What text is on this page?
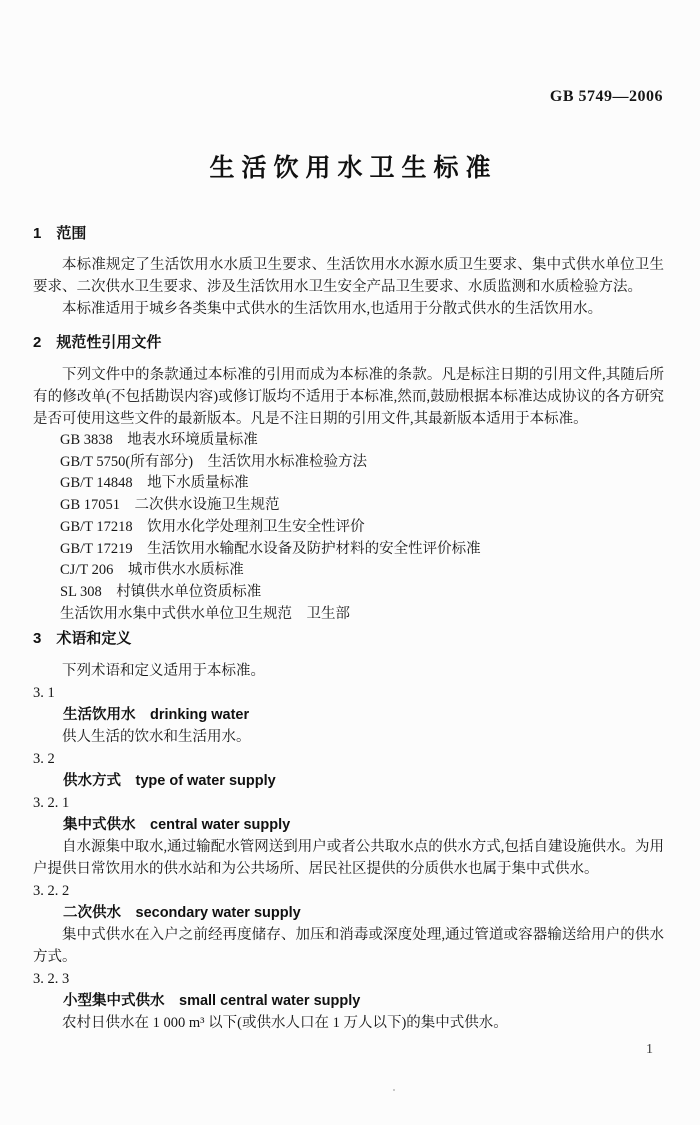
GB 5749—2006
生活饮用水卫生标准
1　范围

本标准规定了生活饮用水水质卫生要求、生活饮用水水源水质卫生要求、集中式供水单位卫生要求、二次供水卫生要求、涉及生活饮用水卫生安全产品卫生要求、水质监测和水质检验方法。

本标准适用于城乡各类集中式供水的生活饮用水,也适用于分散式供水的生活饮用水。

2　规范性引用文件

下列文件中的条款通过本标准的引用而成为本标准的条款。凡是标注日期的引用文件,其随后所有的修改单(不包括勘误内容)或修订版均不适用于本标准,然而,鼓励根据本标准达成协议的各方研究是否可使用这些文件的最新版本。凡是不注日期的引用文件,其最新版本适用于本标准。

GB 3838　地表水环境质量标准
GB/T 5750(所有部分)　生活饮用水标准检验方法
GB/T 14848　地下水质量标准
GB 17051　二次供水设施卫生规范
GB/T 17218　饮用水化学处理剂卫生安全性评价
GB/T 17219　生活饮用水输配水设备及防护材料的安全性评价标准
CJ/T 206　城市供水水质标准
SL 308　村镇供水单位资质标准
生活饮用水集中式供水单位卫生规范　卫生部
3　术语和定义

下列术语和定义适用于本标准。

3. 1
生活饮用水　drinking water

供人生活的饮水和生活用水。

3. 2
供水方式　type of water supply
3. 2. 1
集中式供水　central water supply

自水源集中取水,通过输配水管网送到用户或者公共取水点的供水方式,包括自建设施供水。为用户提供日常饮用水的供水站和为公共场所、居民社区提供的分质供水也属于集中式供水。

3. 2. 2
二次供水　secondary water supply

集中式供水在入户之前经再度储存、加压和消毒或深度处理,通过管道或容器输送给用户的供水方式。

3. 2. 3
小型集中式供水　small central water supply

农村日供水在 1 000 m³ 以下(或供水人口在 1 万人以下)的集中式供水。

1
